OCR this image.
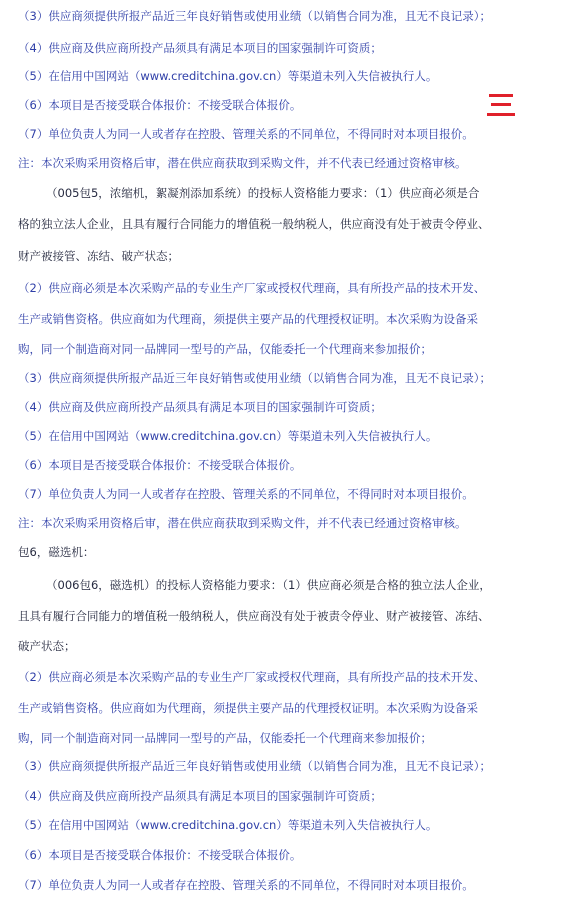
（3）供应商须提供所报产品近三年良好销售或使用业绩（以销售合同为准，且无不良记录）；
（4）供应商及供应商所投产品须具有满足本项目的国家强制许可资质；
（5）在信用中国网站（www.creditchina.gov.cn）等渠道未列入失信被执行人。
（6）本项目是否接受联合体报价：不接受联合体报价。
（7）单位负责人为同一人或者存在控股、管理关系的不同单位，不得同时对本项目报价。
注：本次采购采用资格后审，潜在供应商获取到采购文件，并不代表已经通过资格审核。
（005包5，浓缩机，絮凝剂添加系统）的投标人资格能力要求：（1）供应商必须是合
格的独立法人企业，且具有履行合同能力的增值税一般纳税人，供应商没有处于被责令停业、
财产被接管、冻结、破产状态；
（2）供应商必须是本次采购产品的专业生产厂家或授权代理商，具有所投产品的技术开发、
生产或销售资格。供应商如为代理商，须提供主要产品的代理授权证明。本次采购为设备采
购，同一个制造商对同一品牌同一型号的产品，仅能委托一个代理商来参加报价；
（3）供应商须提供所报产品近三年良好销售或使用业绩（以销售合同为准，且无不良记录）；
（4）供应商及供应商所投产品须具有满足本项目的国家强制许可资质；
（5）在信用中国网站（www.creditchina.gov.cn）等渠道未列入失信被执行人。
（6）本项目是否接受联合体报价：不接受联合体报价。
（7）单位负责人为同一人或者存在控股、管理关系的不同单位，不得同时对本项目报价。
注：本次采购采用资格后审，潜在供应商获取到采购文件，并不代表已经通过资格审核。
包6，磁选机：
（006包6，磁选机）的投标人资格能力要求：（1）供应商必须是合格的独立法人企业，
且具有履行合同能力的增值税一般纳税人，供应商没有处于被责令停业、财产被接管、冻结、
破产状态；
（2）供应商必须是本次采购产品的专业生产厂家或授权代理商，具有所投产品的技术开发、
生产或销售资格。供应商如为代理商，须提供主要产品的代理授权证明。本次采购为设备采
购，同一个制造商对同一品牌同一型号的产品，仅能委托一个代理商来参加报价；
（3）供应商须提供所报产品近三年良好销售或使用业绩（以销售合同为准，且无不良记录）；
（4）供应商及供应商所投产品须具有满足本项目的国家强制许可资质；
（5）在信用中国网站（www.creditchina.gov.cn）等渠道未列入失信被执行人。
（6）本项目是否接受联合体报价：不接受联合体报价。
（7）单位负责人为同一人或者存在控股、管理关系的不同单位，不得同时对本项目报价。
